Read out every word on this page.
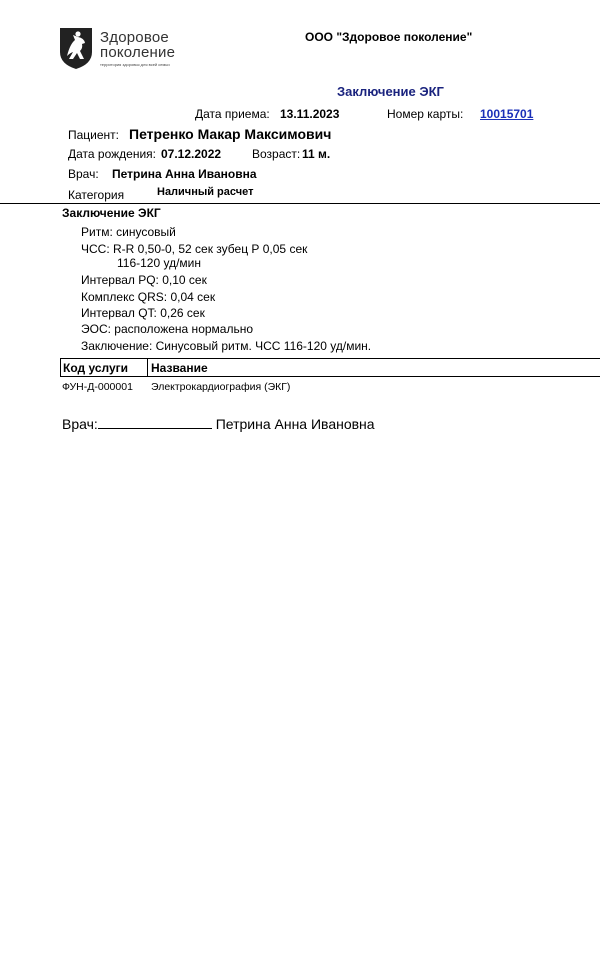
Здоровое
поколение
территория здоровья для всей семьи
ООО "Здоровое поколение"
Заключение ЭКГ
Дата приема: 13.11.2023	Номер карты: 10015701
Пациент: Петренко Макар Максимович
Дата рождения: 07.12.2022	Возраст: 11 м.
Врач: Петрина Анна Ивановна
Категория	Наличный расчет
Заключение ЭКГ
Ритм: синусовый
ЧСС: R-R 0,50-0, 52 сек зубец Р 0,05 сек
116-120 уд/мин
Интервал PQ: 0,10 сек
Комплекс QRS: 0,04 сек
Интервал QT: 0,26 сек
ЭОС: расположена нормально
Заключение: Синусовый ритм. ЧСС 116-120 уд/мин.
Код услуги Название
ФУН-Д-000001 Электрокардиография (ЭКГ)
Врач:	Петрина Анна Ивановна
